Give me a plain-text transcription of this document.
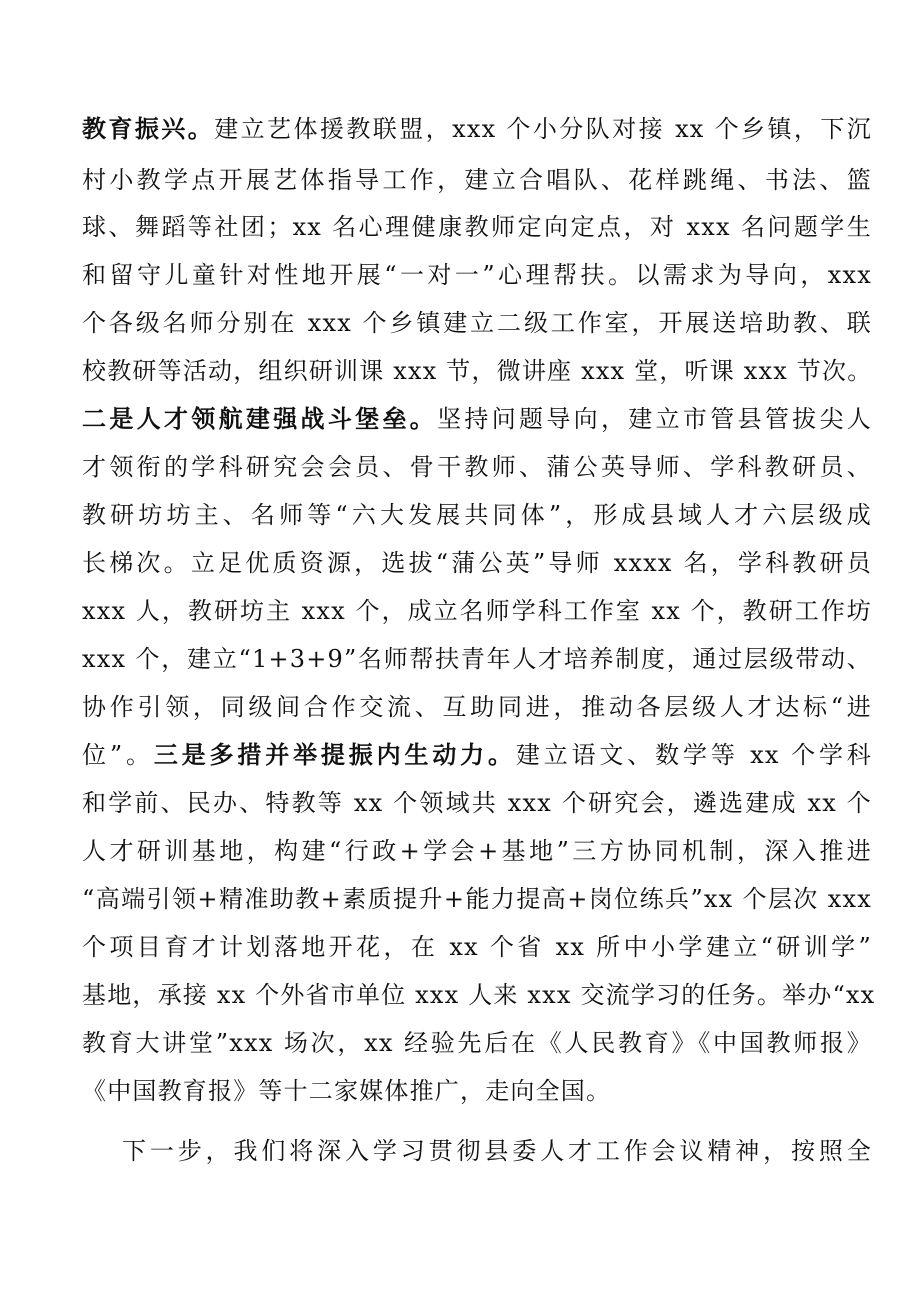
教育振兴。建立艺体援教联盟，xxx 个小分队对接 xx 个乡镇，下沉
村小教学点开展艺体指导工作，建立合唱队、花样跳绳、书法、篮
球、舞蹈等社团；xx 名心理健康教师定向定点，对 xxx 名问题学生
和留守儿童针对性地开展“一对一”心理帮扶。以需求为导向，xxx
个各级名师分别在 xxx 个乡镇建立二级工作室，开展送培助教、联
校教研等活动，组织研训课 xxx 节，微讲座 xxx 堂，听课 xxx 节次。
二是人才领航建强战斗堡垒。坚持问题导向，建立市管县管拔尖人
才领衔的学科研究会会员、骨干教师、蒲公英导师、学科教研员、
教研坊坊主、名师等“六大发展共同体”，形成县域人才六层级成
长梯次。立足优质资源，选拔“蒲公英”导师 xxxx 名，学科教研员
xxx 人，教研坊主 xxx 个，成立名师学科工作室 xx 个，教研工作坊
xxx 个，建立“1+3+9”名师帮扶青年人才培养制度，通过层级带动、
协作引领，同级间合作交流、互助同进，推动各层级人才达标“进
位”。三是多措并举提振内生动力。建立语文、数学等 xx 个学科
和学前、民办、特教等 xx 个领域共 xxx 个研究会，遴选建成 xx 个
人才研训基地，构建“行政+学会+基地”三方协同机制，深入推进
“高端引领+精准助教+素质提升+能力提高+岗位练兵”xx 个层次 xxx
个项目育才计划落地开花，在 xx 个省 xx 所中小学建立“研训学”
基地，承接 xx 个外省市单位 xxx 人来 xxx 交流学习的任务。举办“xx
教育大讲堂”xxx 场次，xx 经验先后在《人民教育》《中国教师报》
《中国教育报》等十二家媒体推广，走向全国。
下一步，我们将深入学习贯彻县委人才工作会议精神，按照全
